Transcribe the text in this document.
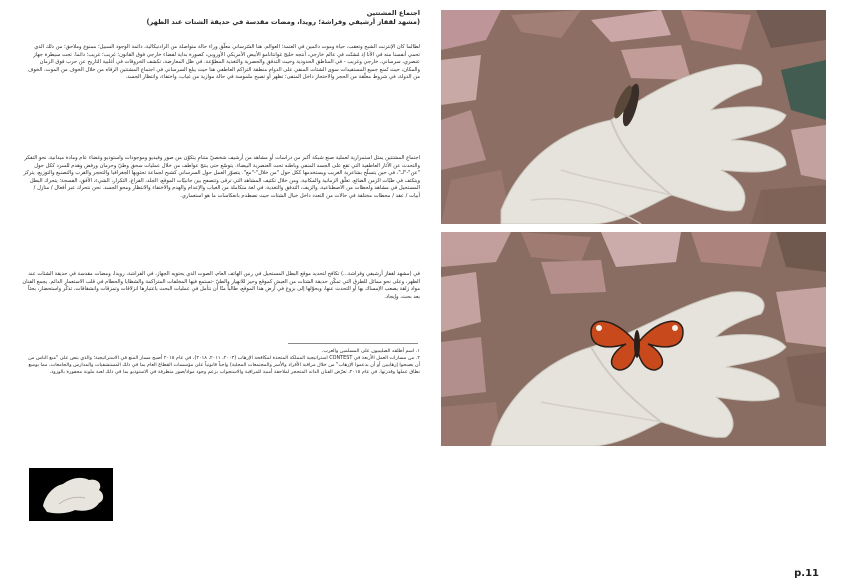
اجتماع المشتتين
(مشهد لقفاز أرشيفي وفراشة؛ رويدا، ومضات مقدسة في حديقة الشتات عند الظهر)
لطالما كان الإنترنت الشبح وتعقب، حياة وموت دائمين في العتمة؛ العوالم. هنا السّرساني معلّق وراء حالة متواصلة من الرادنيكالية، دائمة الوجود السبيل؛ ممنوع وملاحق؛ من ذلك الذي تحمي أنفسنا منه في الأنا إذ مُشتّت في عالم خارجي، أنتجه خليج غوانتانامو الأبيض الأمريكي الأوروبي، كصورة بداية لفضاء خارجي فوق القانون؛ غريب؛ غريب؛ دائما. تحت سيطرة جهاز عنصري، سرساني، خارجي وغريب - في المناطق الحدودية وحيث التدفق والحصرية والتغذية المطوّعة. في ظل المعارضة، تكشف الخروقات في أغلبية التاريخ عن حرب فوق الزمان والمكان، حيث تُمنع جميع المستفيدات سوى الشتات المنفي على الدوام منطقة التراكم العاطفي هنا حيث يبلغ السرساني في اجتماع المشتتين الرفاه من خلال الخوف من الموت، الخوف من الدولة، في شروط معلّقة من الحجر والاحتجاز داخل المنفى؛ تظهر أو تصبح ملموسة في حالة موازية من غياب، واختفاء، وانتظار الجسد.
اجتماع المشتتين يمثل استمرارية لعملية صنع شبكة أكبر من دراسات أو مشاهد من أرشيف شخصيّ متنامٍ يتكوّن من صور وفيديو وموجودات واستوديو وغضاء عام ومادة ميدانية، نحو التفكر والتحدث عن الآثار العاطفية التي تقع على الجسد المنفي وباطنه تحت العنصرية البيضاء. يتوسّع حتى ينتج عواطف من خلال عمليات سحق وطيّ وحرمان ورفض وهدم للسرد ككل حول "عن"-"لـ"، في حين يتسلّح بشاعرية الغريب ويستخدمها ككل حول "من خلال"-"مع". يتصوّر العمل حول السرساني كشبح لجماعة تحتويها الجغرافيا والتحجر والقرب والتصنيع والتوزيع، يتركز ويتكثف في طيّات الزمن الضائع. تعلّق الزمانية والمكانية، ومن خلال تكثيف المشاهد التي ترقى وتتصفح بين جانبيّات الموقع، الجلد، الفراغ، التكرار، الشيء، الأفق، الفسحة؛ يتحرك البطل المستحيل في مشاهد ولحظات من الاصطناعية، والزيف، التدفق والتغذية، في لغة متكاملة من الغياب والإعدام والهدم والاختفاء والانتظار ومحو الجسد. نحن نتحرك عبر أفعال / منازل / أبيات / عقد / محطات مختلفة في حالات من التعدد داخل خيال الشتات حيث نصطدم بانعكاسات ما هو استعماري.
في (مشهد لقفاز أرشيفي وفراشة...) تكافح لتحديد موقع البطل المستحيل في رنين الهاتف العام، الصوت الذي يحتويه الجهاز، في الفراشة، رويدا، ومضات مقدسة في حديقة الشتات عند الظهر، وعلى نحو مماثل للطرق التي تمكّن حديقة الشتات من العيش كموقع وحيز للانهيار والطيّ -تستمع فيها المخلفات المتراكمة والشظايا والحطام في قلب الاستعمار الدائم. يجمع الفنان مواد زلقة يصعب الإمساك بها أو التحدث عنها، ويحوّلها إلى بزوغ في أرض هذا الموقع، طالباً منّا أن نتأمل في عمليات البحث باعتبارها انزلاقات وتمزقات وانشقاقات، تذكّر واستحضار، بحثاً بعد بحث، وإيجاد.
١. اسم أطلقه الصليبيون على المسلمين والعرب.
٢. من مسارات العمل الأربعة في CONTEST استراتيجية المملكة المتحدة لمكافحة الإرهاب (٢٠٠٣، ٢٠١١، ٢٠١٨)، في عام ٢٠١٥ أصبح مسار المنع في الاستراتيجية؛ والذي ينص على "منع الناس من أن يصبحوا إرهابيين أو أن يدعموا الإرهاب" من خلال مراقبة الأفراد والأسر والمجتمعات المحلية) واجباً قانونياً على مؤسسات القطاع العام بما في ذلك المستشفيات والمدارس والجامعات، مما يوسع نطاق عملها وقدرتها. في عام ٢٠١٥، تعرّض الفنان الذاته المتحجر لملاحقة أمنية للمراقبة والاستجواب بزعم وجود مواد/صور متطرفة في الاستوديو بما في ذلك لعبة ملونة محفورة بالورود.
p.11
